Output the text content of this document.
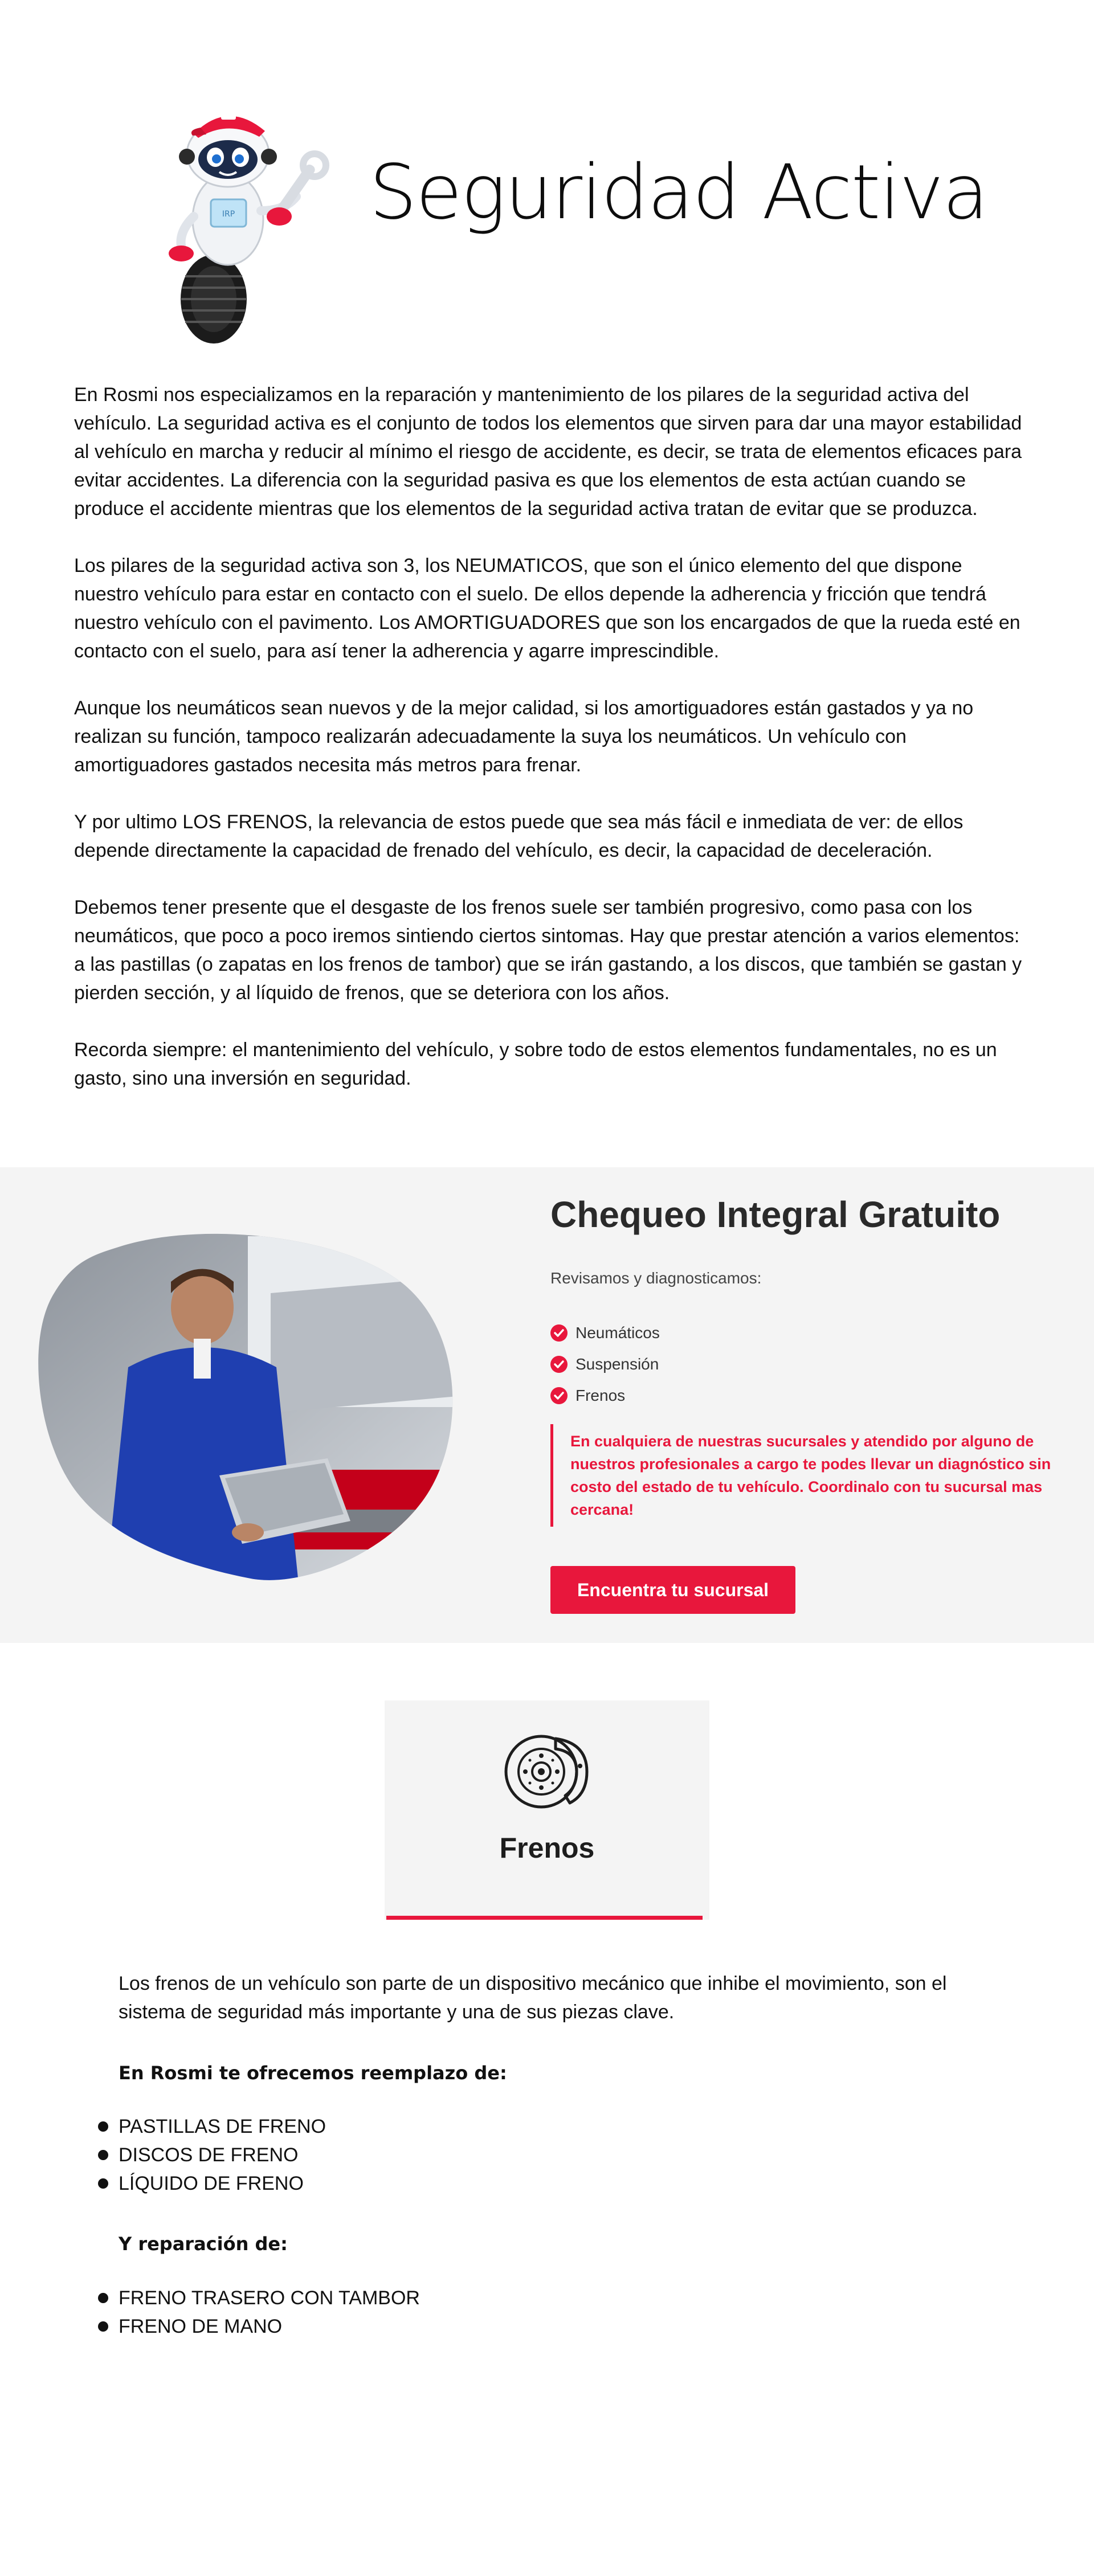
IRP Seguridad Activa

En Rosmi nos especializamos en la reparación y mantenimiento de los pilares de la seguridad activa del vehículo. La seguridad activa es el conjunto de todos los elementos que sirven para dar una mayor estabilidad al vehículo en marcha y reducir al mínimo el riesgo de accidente, es decir, se trata de elementos eficaces para evitar accidentes. La diferencia con la seguridad pasiva es que los elementos de esta actúan cuando se produce el accidente mientras que los elementos de la seguridad activa tratan de evitar que se produzca.

Los pilares de la seguridad activa son 3, los NEUMATICOS, que son el único elemento del que dispone nuestro vehículo para estar en contacto con el suelo. De ellos depende la adherencia y fricción que tendrá nuestro vehículo con el pavimento. Los AMORTIGUADORES que son los encargados de que la rueda esté en contacto con el suelo, para así tener la adherencia y agarre imprescindible.

Aunque los neumáticos sean nuevos y de la mejor calidad, si los amortiguadores están gastados y ya no realizan su función, tampoco realizarán adecuadamente la suya los neumáticos. Un vehículo con amortiguadores gastados necesita más metros para frenar.

Y por ultimo LOS FRENOS, la relevancia de estos puede que sea más fácil e inmediata de ver: de ellos depende directamente la capacidad de frenado del vehículo, es decir, la capacidad de deceleración.

Debemos tener presente que el desgaste de los frenos suele ser también progresivo, como pasa con los neumáticos, que poco a poco iremos sintiendo ciertos sintomas. Hay que prestar atención a varios elementos: a las pastillas (o zapatas en los frenos de tambor) que se irán gastando, a los discos, que también se gastan y pierden sección, y al líquido de frenos, que se deteriora con los años.

Recorda siempre: el mantenimiento del vehículo, y sobre todo de estos elementos fundamentales, no es un gasto, sino una inversión en seguridad.

Chequeo Integral Gratuito
Revisamos y diagnosticamos:
Neumáticos
Suspensión
Frenos
En cualquiera de nuestras sucursales y atendido por alguno de nuestros profesionales a cargo te podes llevar un diagnóstico sin costo del estado de tu vehículo. Coordinalo con tu sucursal mas cercana!
Encuentra tu sucursal
Frenos

Los frenos de un vehículo son parte de un dispositivo mecánico que inhibe el movimiento, son el sistema de seguridad más importante y una de sus piezas clave.

En Rosmi te ofrecemos reemplazo de:
PASTILLAS DE FRENO
DISCOS DE FRENO
LÍQUIDO DE FRENO
Y reparación de:
FRENO TRASERO CON TAMBOR
FRENO DE MANO
